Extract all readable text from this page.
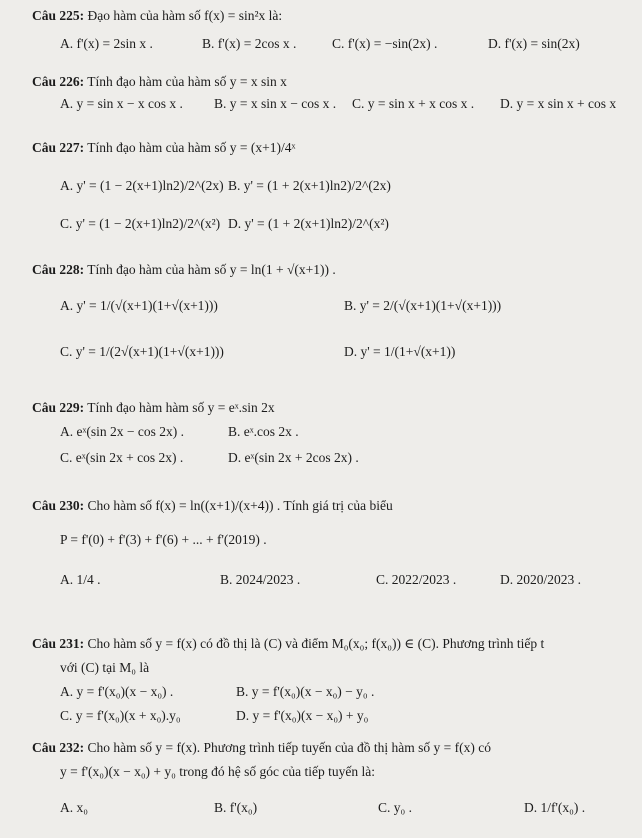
Câu 225: Đạo hàm của hàm số f(x) = sin²x là:
A. f'(x) = 2sin x .	B. f'(x) = 2cos x .	C. f'(x) = −sin(2x) .	D. f'(x) = sin(2x)
Câu 226: Tính đạo hàm của hàm số y = x sin x
A. y = sin x − x cos x . B. y = x sin x − cos x . C. y = sin x + x cos x . D. y = x sin x + cos x
Câu 227: Tính đạo hàm của hàm số y = (x+1)/4ˣ
A. y' = (1 − 2(x+1)ln2)/2^(2x) B. y' = (1 + 2(x+1)ln2)/2^(2x)
C. y' = (1 − 2(x+1)ln2)/2^(x²) D. y' = (1 + 2(x+1)ln2)/2^(x²)
Câu 228: Tính đạo hàm của hàm số y = ln(1 + √(x+1)) .
A. y' = 1/(√(x+1)(1+√(x+1)))	B. y' = 2/(√(x+1)(1+√(x+1)))
C. y' = 1/(2√(x+1)(1+√(x+1)))	D. y' = 1/(1+√(x+1))
Câu 229: Tính đạo hàm hàm số y = eˣ.sin 2x
A. eˣ(sin 2x − cos 2x) .	B. eˣ.cos 2x .
C. eˣ(sin 2x + cos 2x) .	D. eˣ(sin 2x + 2cos 2x) .
Câu 230: Cho hàm số f(x) = ln((x+1)/(x+4)) . Tính giá trị của biểu
P = f'(0) + f'(3) + f'(6) + ... + f'(2019) .
A. 1/4 .	B. 2024/2023 .	C. 2022/2023 .	D. 2020/2023 .
Câu 231: Cho hàm số y = f(x) có đồ thị là (C) và điểm M₀(x₀; f(x₀)) ∈ (C). Phương trình tiếp t
với (C) tại M₀ là
A. y = f'(x₀)(x − x₀) .	B. y = f'(x₀)(x − x₀) − y₀ .
C. y = f'(x₀)(x + x₀).y₀	D. y = f'(x₀)(x − x₀) + y₀
Câu 232: Cho hàm số y = f(x). Phương trình tiếp tuyến của đồ thị hàm số y = f(x) có
y = f'(x₀)(x − x₀) + y₀ trong đó hệ số góc của tiếp tuyến là:
A. x₀	B. f'(x₀)	C. y₀ .	D. 1/f'(x₀) .
